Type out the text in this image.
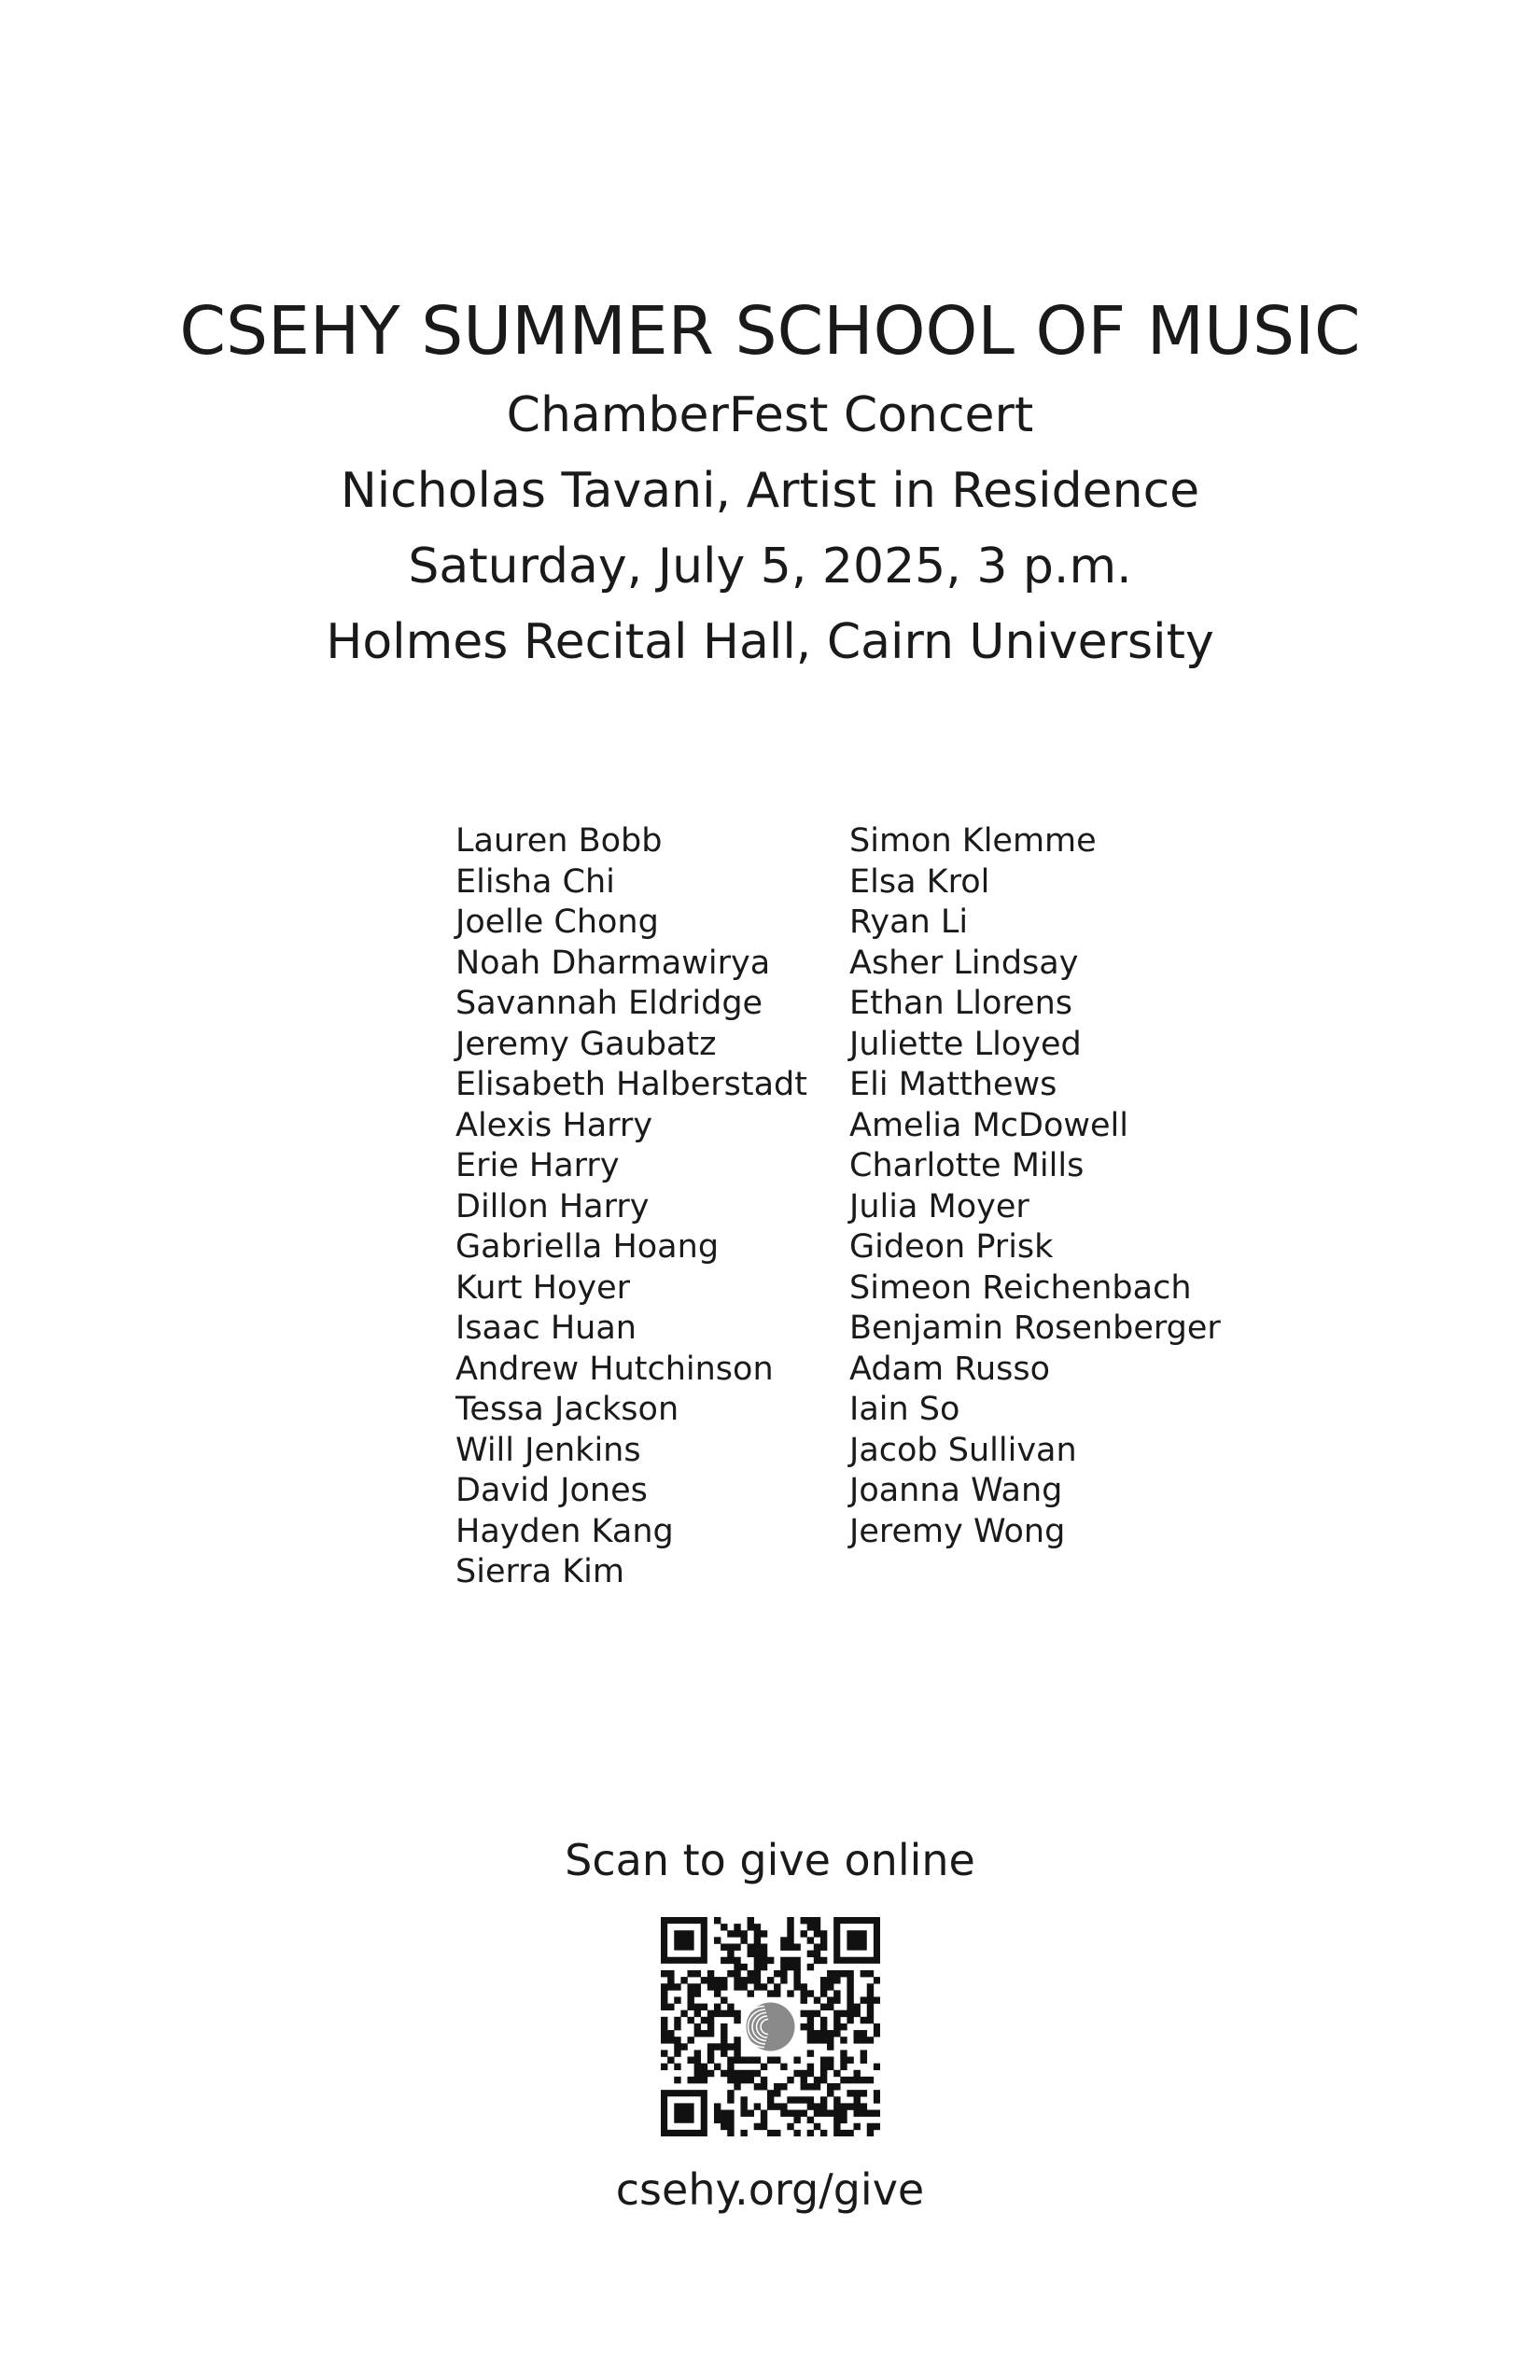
CSEHY SUMMER SCHOOL OF MUSIC
ChamberFest Concert
Nicholas Tavani, Artist in Residence
Saturday, July 5, 2025, 3 p.m.
Holmes Recital Hall, Cairn University
Lauren Bobb
Elisha Chi
Joelle Chong
Noah Dharmawirya
Savannah Eldridge
Jeremy Gaubatz
Elisabeth Halberstadt
Alexis Harry
Erie Harry
Dillon Harry
Gabriella Hoang
Kurt Hoyer
Isaac Huan
Andrew Hutchinson
Tessa Jackson
Will Jenkins
David Jones
Hayden Kang
Sierra Kim
Simon Klemme
Elsa Krol
Ryan Li
Asher Lindsay
Ethan Llorens
Juliette Lloyed
Eli Matthews
Amelia McDowell
Charlotte Mills
Julia Moyer
Gideon Prisk
Simeon Reichenbach
Benjamin Rosenberger
Adam Russo
Iain So
Jacob Sullivan
Joanna Wang
Jeremy Wong
Scan to give online
csehy.org/give
